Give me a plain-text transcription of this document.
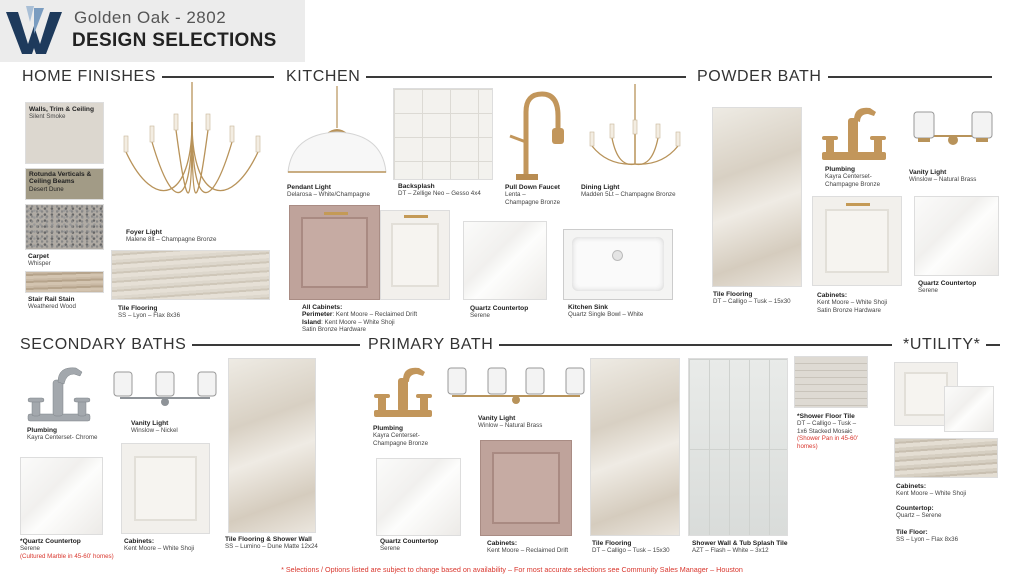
Golden Oak - 2802
DESIGN SELECTIONS
HOME FINISHES	KITCHEN	POWDER BATH
SECONDARY BATHS	PRIMARY BATH	*UTILITY*
Walls, Trim & Ceiling
Silent Smoke
Rotunda Verticals &
Ceiling Beams
Desert Dune
Carpet
Whisper
Stair Rail Stain
Weathered Wood
Foyer Light
Malene 8lt – Champagne Bronze
Tile Flooring
SS – Lyon – Flax 8x36
Pendant Light
Delarosa – White/Champagne
Backsplash
DT – Zellige Neo – Gesso 4x4
Pull Down Faucet
Lenta –
Champagne Bronze
Dining Light
Madden 5Lt – Champagne Bronze
All Cabinets:
Perimeter: Kent Moore – Reclaimed Drift
Island: Kent Moore – White Shoji
Satin Bronze Hardware
Quartz Countertop
Serene
Kitchen Sink
Quartz Single Bowl – White
Tile Flooring
DT – Calligo – Tusk – 15x30
Plumbing
Kayra Centerset-
Champagne Bronze
Vanity Light
Winslow – Natural Brass
Cabinets:
Kent Moore – White Shoji
Satin Bronze Hardware
Quartz Countertop
Serene
Plumbing
Kayra Centerset- Chrome
Vanity Light
Winslow – Nickel
Tile Flooring & Shower Wall
SS – Lumino – Dune Matte 12x24
*Quartz Countertop
Serene
(Cultured Marble in 45-60' homes)
Cabinets:
Kent Moore – White Shoji
Plumbing
Kayra Centerset-
Champagne Bronze
Vanity Light
Winlow – Natural Brass
Quartz Countertop
Serene
Cabinets:
Kent Moore – Reclaimed Drift
Tile Flooring
DT – Calligo – Tusk – 15x30
Shower Wall & Tub Splash Tile
AZT – Flash – White – 3x12
*Shower Floor Tile
DT – Calligo – Tusk –
1x6 Stacked Mosaic
(Shower Pan in 45-60'
homes)
Cabinets:
Kent Moore – White Shoji
Countertop:
Quartz – Serene
Tile Floor:
SS – Lyon – Flax 8x36
* Selections / Options listed are subject to change based on availability – For most accurate selections see Community Sales Manager – Houston
